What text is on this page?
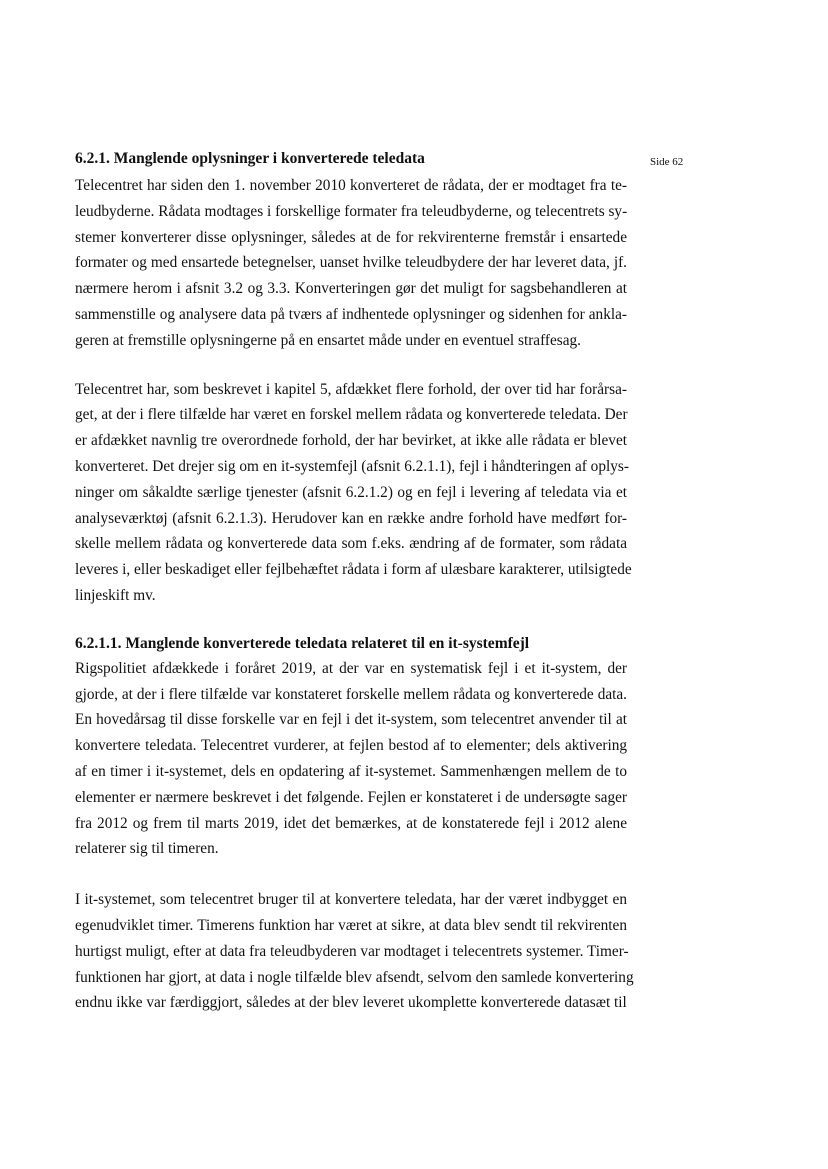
Side 62

6.2.1. Manglende oplysninger i konverterede teledata

Telecentret har siden den 1. november 2010 konverteret de rådata, der er modtaget fra te-
leudbyderne. Rådata modtages i forskellige formater fra teleudbyderne, og telecentrets sy-
stemer konverterer disse oplysninger, således at de for rekvirenterne fremstår i ensartede
formater og med ensartede betegnelser, uanset hvilke teleudbydere der har leveret data, jf.
nærmere herom i afsnit 3.2 og 3.3. Konverteringen gør det muligt for sagsbehandleren at
sammenstille og analysere data på tværs af indhentede oplysninger og sidenhen for ankla-
geren at fremstille oplysningerne på en ensartet måde under en eventuel straffesag.
Telecentret har, som beskrevet i kapitel 5, afdækket flere forhold, der over tid har forårsa-
get, at der i flere tilfælde har været en forskel mellem rådata og konverterede teledata. Der
er afdækket navnlig tre overordnede forhold, der har bevirket, at ikke alle rådata er blevet
konverteret. Det drejer sig om en it-systemfejl (afsnit 6.2.1.1), fejl i håndteringen af oplys-
ninger om såkaldte særlige tjenester (afsnit 6.2.1.2) og en fejl i levering af teledata via et
analyseværktøj (afsnit 6.2.1.3). Herudover kan en række andre forhold have medført for-
skelle mellem rådata og konverterede data som f.eks. ændring af de formater, som rådata
leveres i, eller beskadiget eller fejlbehæftet rådata i form af ulæsbare karakterer, utilsigtede
linjeskift mv.

6.2.1.1. Manglende konverterede teledata relateret til en it-systemfejl

Rigspolitiet afdækkede i foråret 2019, at der var en systematisk fejl i et it-system, der
gjorde, at der i flere tilfælde var konstateret forskelle mellem rådata og konverterede data.
En hovedårsag til disse forskelle var en fejl i det it-system, som telecentret anvender til at
konvertere teledata. Telecentret vurderer, at fejlen bestod af to elementer; dels aktivering
af en timer i it-systemet, dels en opdatering af it-systemet. Sammenhængen mellem de to
elementer er nærmere beskrevet i det følgende. Fejlen er konstateret i de undersøgte sager
fra 2012 og frem til marts 2019, idet det bemærkes, at de konstaterede fejl i 2012 alene
relaterer sig til timeren.
I it-systemet, som telecentret bruger til at konvertere teledata, har der været indbygget en
egenudviklet timer. Timerens funktion har været at sikre, at data blev sendt til rekvirenten
hurtigst muligt, efter at data fra teleudbyderen var modtaget i telecentrets systemer. Timer-
funktionen har gjort, at data i nogle tilfælde blev afsendt, selvom den samlede konvertering
endnu ikke var færdiggjort, således at der blev leveret ukomplette konverterede datasæt til
